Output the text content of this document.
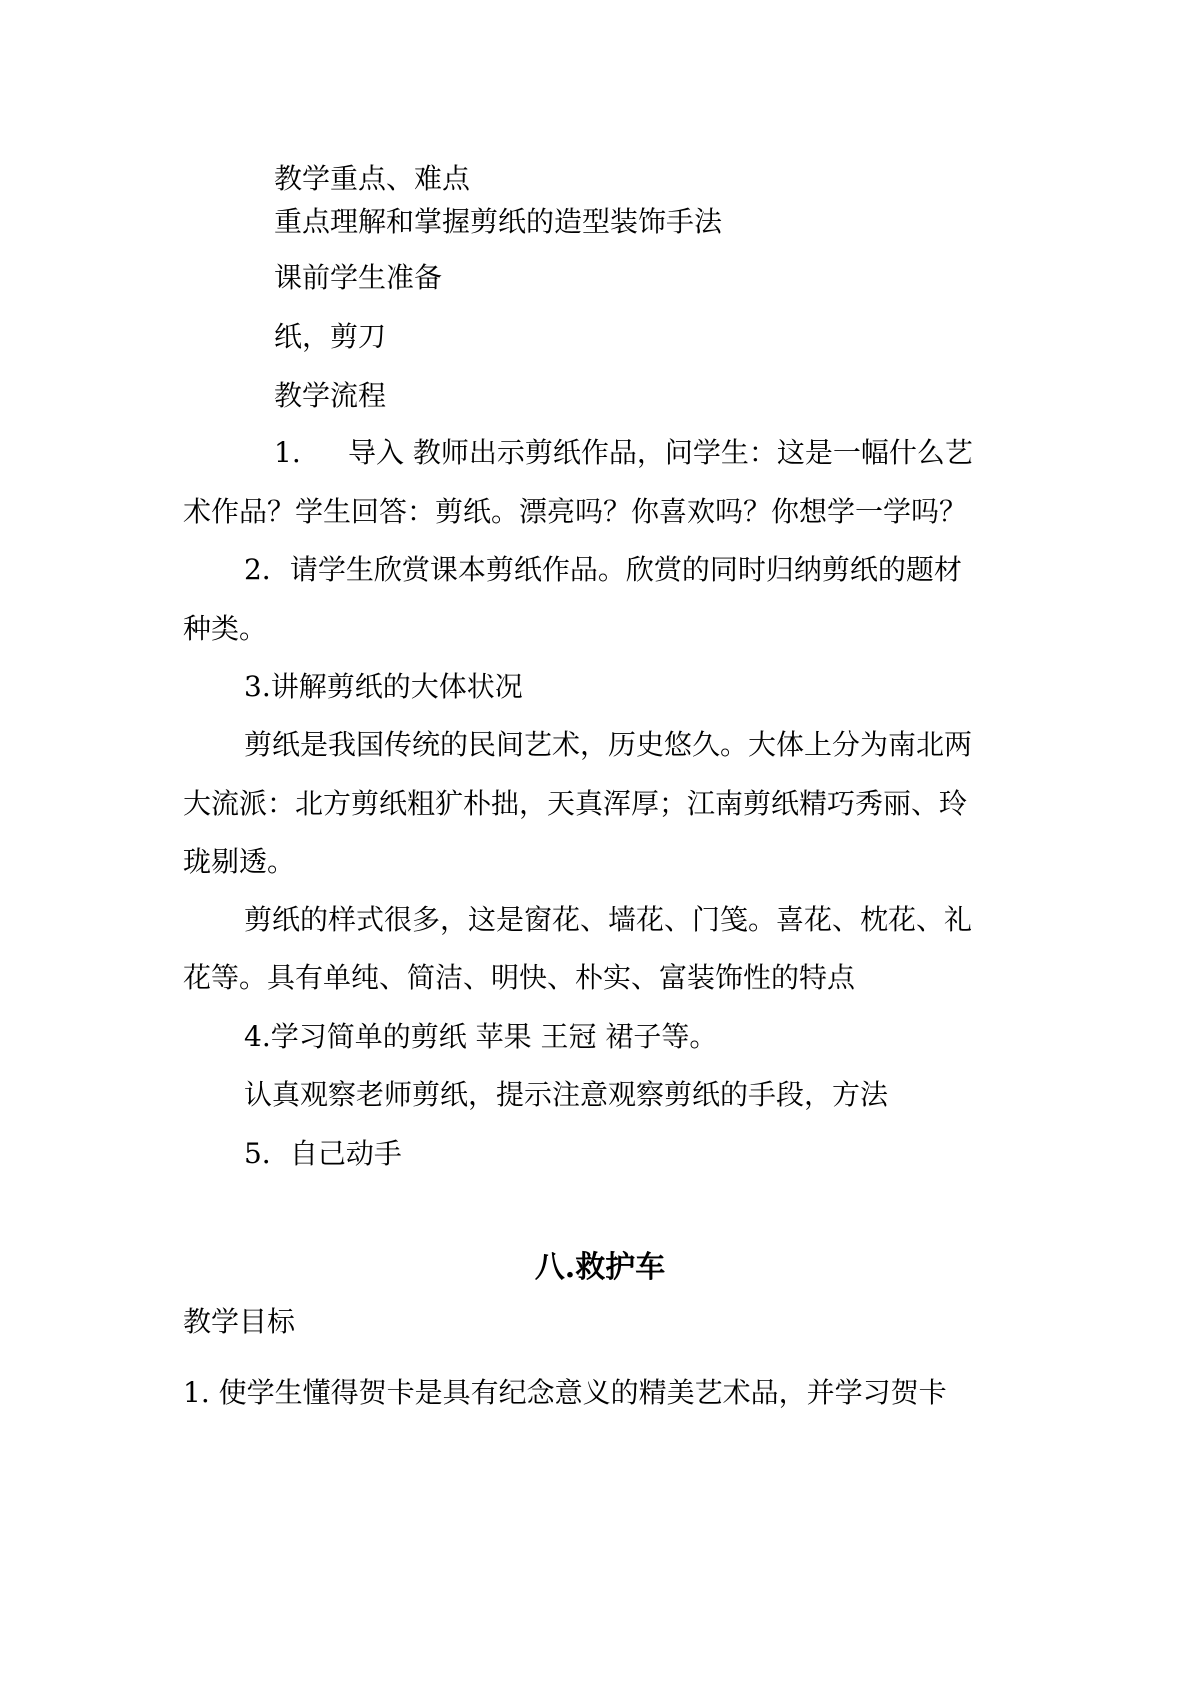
教学重点、难点

重点理解和掌握剪纸的造型装饰手法

课前学生准备

纸，剪刀

教学流程

1. 导入 教师出示剪纸作品，问学生：这是一幅什么艺

术作品？学生回答：剪纸。漂亮吗？你喜欢吗？你想学一学吗？

2．请学生欣赏课本剪纸作品。欣赏的同时归纳剪纸的题材

种类。

3.讲解剪纸的大体状况

剪纸是我国传统的民间艺术，历史悠久。大体上分为南北两

大流派：北方剪纸粗犷朴拙，天真浑厚；江南剪纸精巧秀丽、玲

珑剔透。

剪纸的样式很多，这是窗花、墙花、门笺。喜花、枕花、礼

花等。具有单纯、简洁、明快、朴实、富装饰性的特点

4.学习简单的剪纸 苹果 王冠 裙子等。

认真观察老师剪纸，提示注意观察剪纸的手段，方法

5．自己动手

八.救护车

教学目标

1. 使学生懂得贺卡是具有纪念意义的精美艺术品，并学习贺卡
